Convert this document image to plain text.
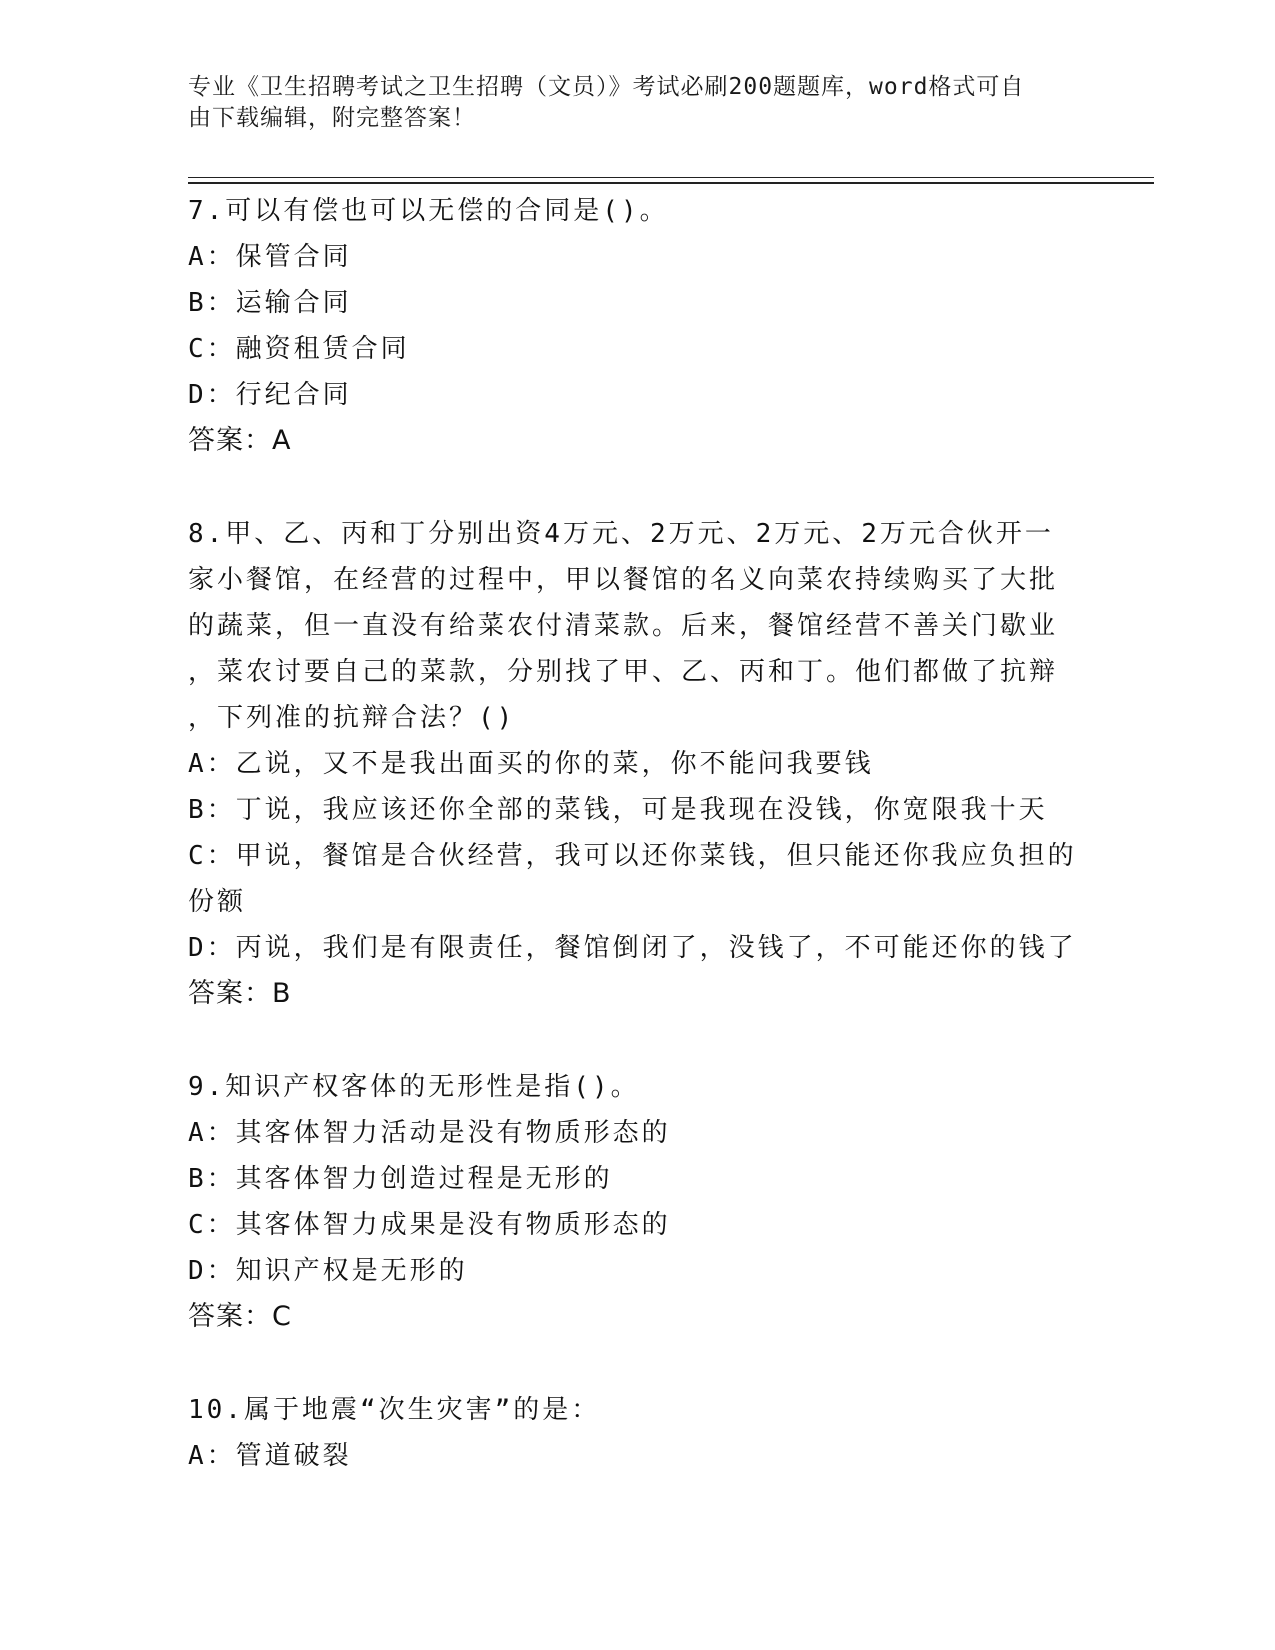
专业《卫生招聘考试之卫生招聘（文员）》考试必刷200题题库，word格式可自
由下载编辑，附完整答案！
7.可以有偿也可以无偿的合同是()。
A：保管合同
B：运输合同
C：融资租赁合同
D：行纪合同
答案：A
8.甲、乙、丙和丁分别出资4万元、2万元、2万元、2万元合伙开一
家小餐馆，在经营的过程中，甲以餐馆的名义向菜农持续购买了大批
的蔬菜，但一直没有给菜农付清菜款。后来，餐馆经营不善关门歇业
，菜农讨要自己的菜款，分别找了甲、乙、丙和丁。他们都做了抗辩
，下列准的抗辩合法？()
A：乙说，又不是我出面买的你的菜，你不能问我要钱
B：丁说，我应该还你全部的菜钱，可是我现在没钱，你宽限我十天
C：甲说，餐馆是合伙经营，我可以还你菜钱，但只能还你我应负担的
份额
D：丙说，我们是有限责任，餐馆倒闭了，没钱了，不可能还你的钱了
答案：B
9.知识产权客体的无形性是指()。
A：其客体智力活动是没有物质形态的
B：其客体智力创造过程是无形的
C：其客体智力成果是没有物质形态的
D：知识产权是无形的
答案：C
10.属于地震“次生灾害”的是：
A：管道破裂
